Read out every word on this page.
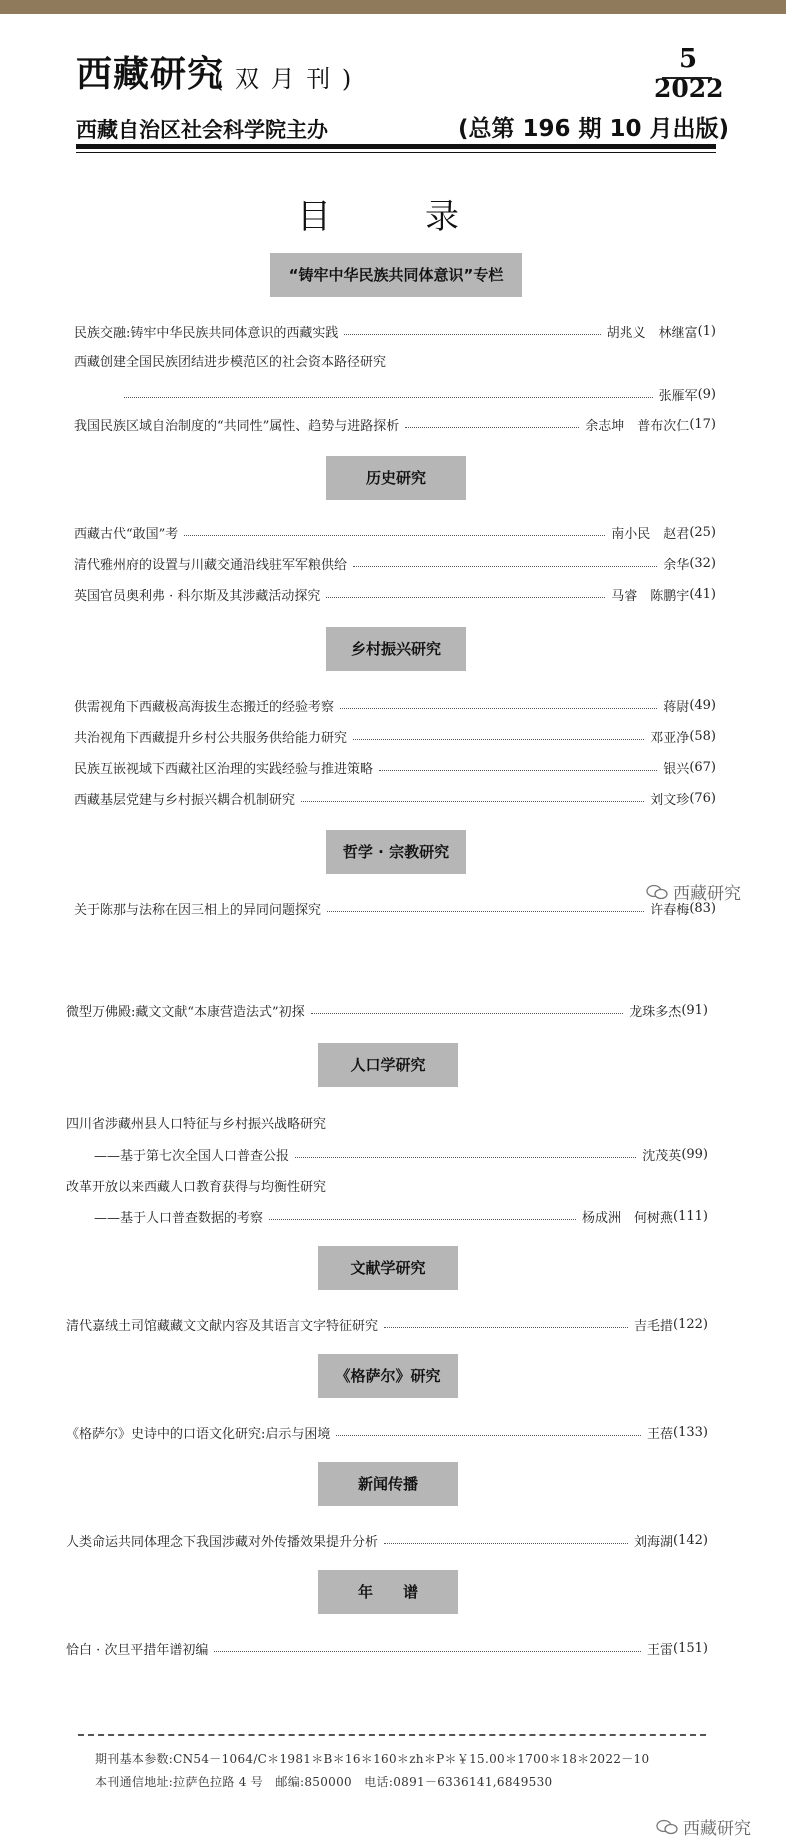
西藏研究
( 双 月 刊 )
5
2022
西藏自治区社会科学院主办	(总第 196 期 10 月出版)
目　录
“铸牢中华民族共同体意识”专栏
民族交融:铸牢中华民族共同体意识的西藏实践	胡兆义　林继富 (1)
西藏创建全国民族团结进步模范区的社会资本路径研究
张雁军 (9)
我国民族区域自治制度的“共同性”属性、趋势与进路探析	余志坤　普布次仁 (17)
历史研究
西藏古代“敢国”考	南小民　赵君 (25)
清代雅州府的设置与川藏交通沿线驻军军粮供给	余华 (32)
英国官员奥利弗 · 科尔斯及其涉藏活动探究	马睿　陈鹏宇 (41)
乡村振兴研究
供需视角下西藏极高海拔生态搬迁的经验考察	蒋尉 (49)
共治视角下西藏提升乡村公共服务供给能力研究	邓亚净 (58)
民族互嵌视域下西藏社区治理的实践经验与推进策略	银兴 (67)
西藏基层党建与乡村振兴耦合机制研究	刘文珍 (76)
哲学 · 宗教研究
关于陈那与法称在因三相上的异同问题探究	许春梅 (83)
微型万佛殿:藏文文献“本康营造法式”初探	龙珠多杰 (91)
人口学研究
四川省涉藏州县人口特征与乡村振兴战略研究
——基于第七次全国人口普查公报	沈茂英 (99)
改革开放以来西藏人口教育获得与均衡性研究
——基于人口普查数据的考察	杨成洲　何树燕 (111)
文献学研究
清代嘉绒土司馆藏藏文文献内容及其语言文字特征研究	吉毛措 (122)
《格萨尔》研究
《格萨尔》史诗中的口语文化研究:启示与困境	王蓓 (133)
新闻传播
人类命运共同体理念下我国涉藏对外传播效果提升分析	刘海湖 (142)
年　　谱
恰白 · 次旦平措年谱初编	王雷 (151)
西藏研究
期刊基本参数:CN54－1064/C＊1981＊B＊16＊160＊zh＊P＊￥15.00＊1700＊18＊2022－10
本刊通信地址:拉萨色拉路 4 号　邮编:850000　电话:0891－6336141,6849530
西藏研究
